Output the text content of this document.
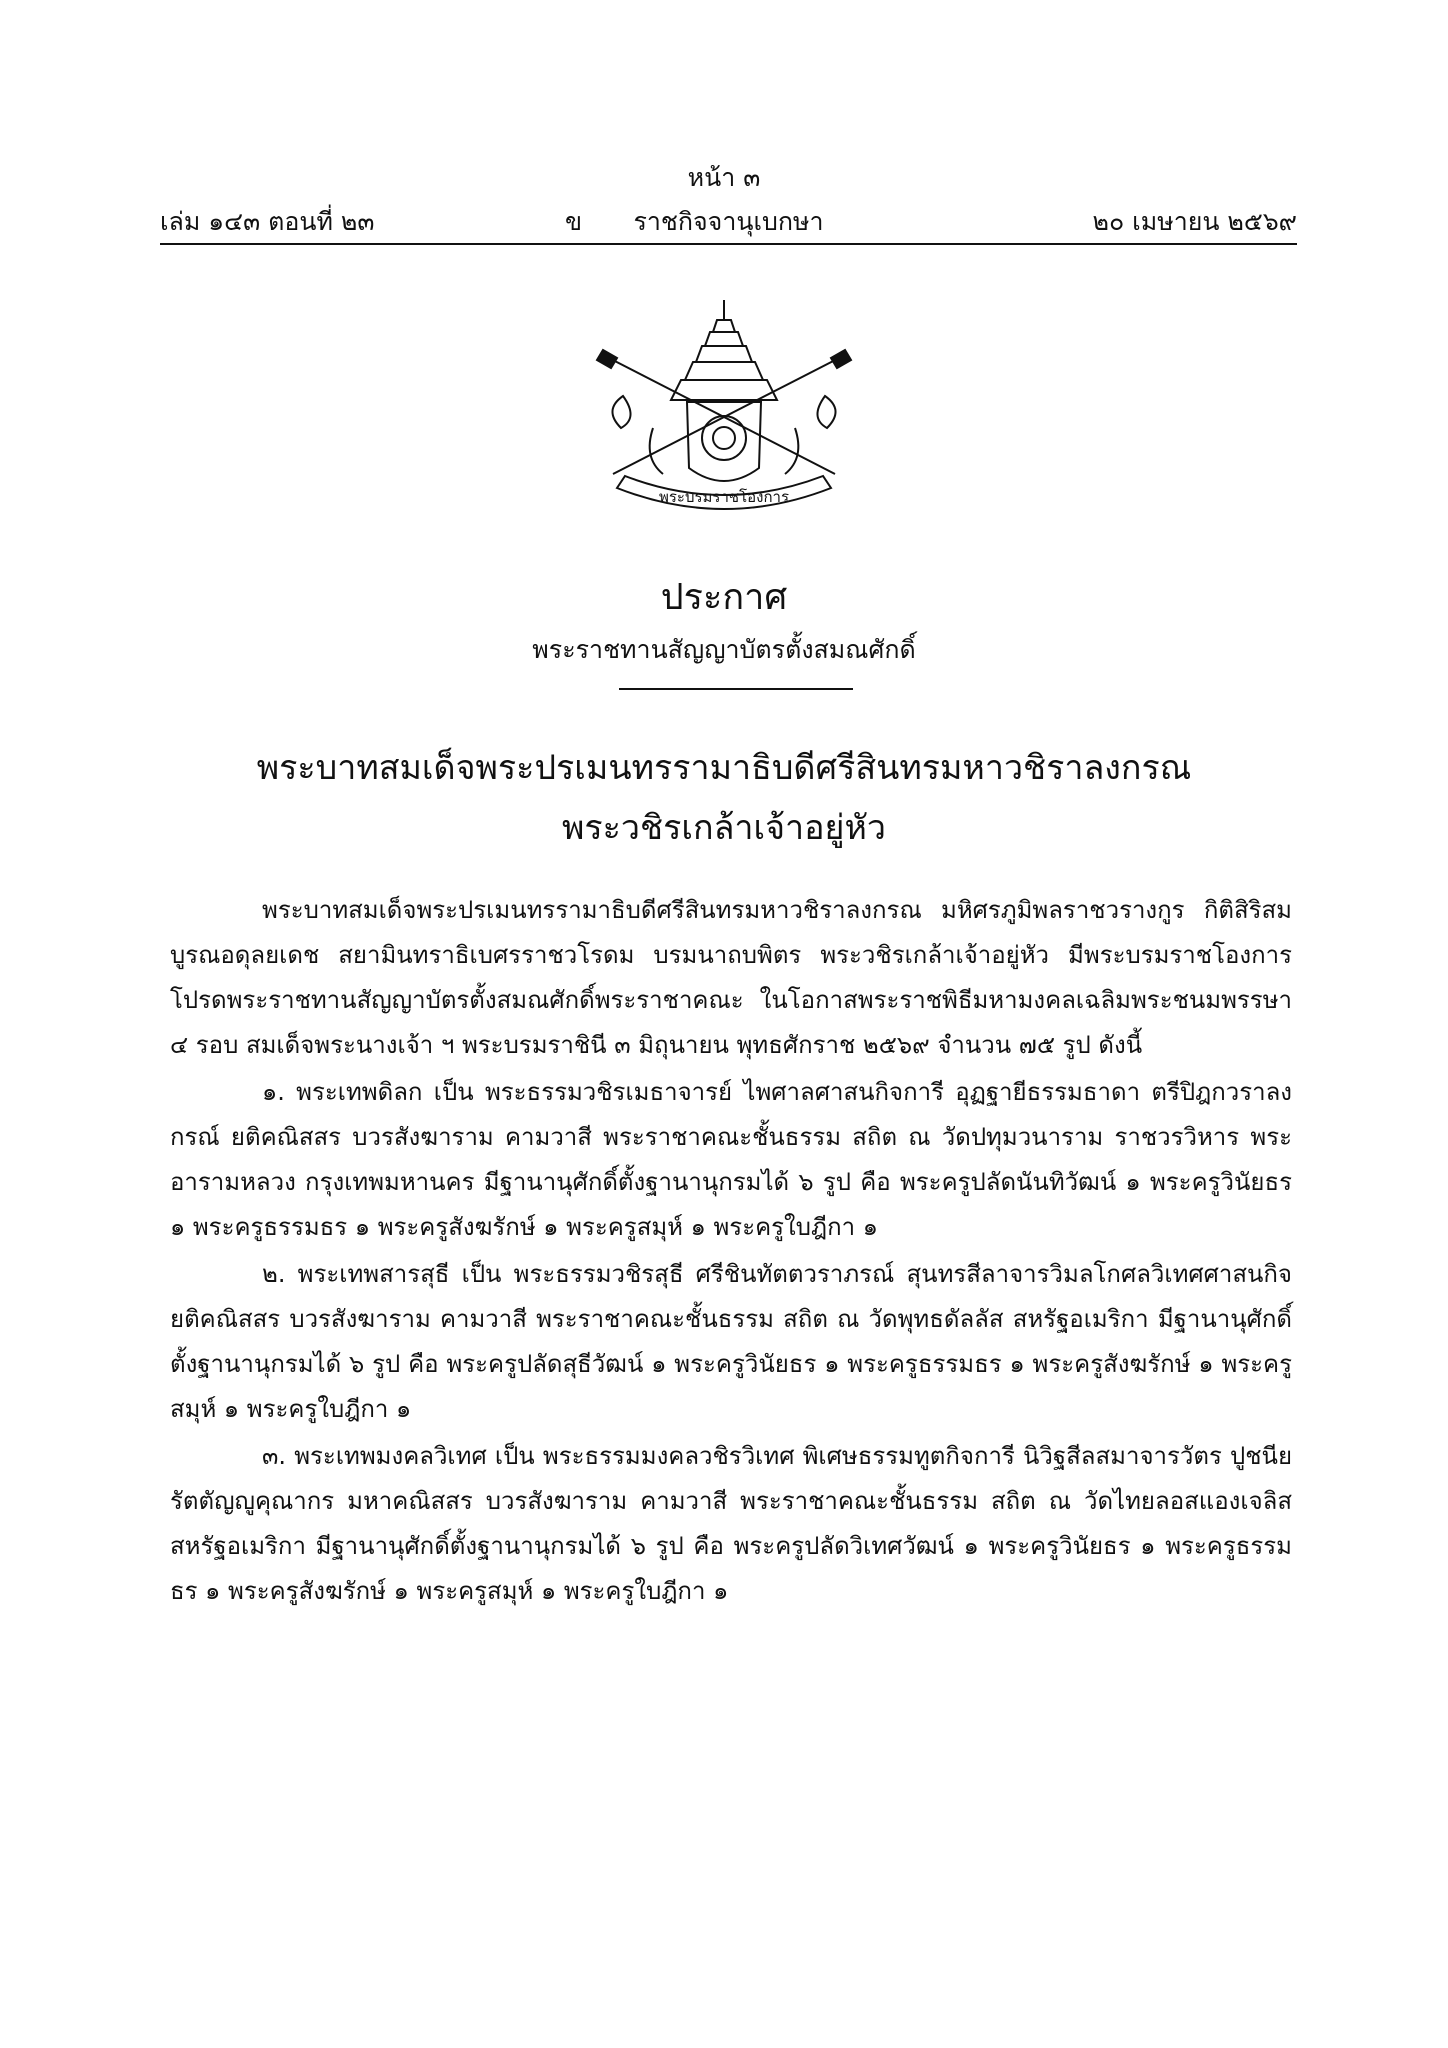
หน้า ๓
เล่ม ๑๔๓ ตอนที่ ๒๓	ข	ราชกิจจานุเบกษา	๒๐ เมษายน ๒๕๖๙
พระบรมราชโองการ
ประกาศ
พระราชทานสัญญาบัตรตั้งสมณศักดิ์
พระบาทสมเด็จพระปรเมนทรรามาธิบดีศรีสินทรมหาวชิราลงกรณ
พระวชิรเกล้าเจ้าอยู่หัว

พระบาทสมเด็จพระปรเมนทรรามาธิบดีศรีสินทรมหาวชิราลงกรณ มหิศรภูมิพลราชวรางกูร กิติสิริสมบูรณอดุลยเดช สยามินทราธิเบศรราชวโรดม บรมนาถบพิตร พระวชิรเกล้าเจ้าอยู่หัว มีพระบรมราชโองการโปรดพระราชทานสัญญาบัตรตั้งสมณศักดิ์พระราชาคณะ ในโอกาสพระราชพิธีมหามงคลเฉลิมพระชนมพรรษา ๔ รอบ สมเด็จพระนางเจ้า ฯ พระบรมราชินี ๓ มิถุนายน พุทธศักราช ๒๕๖๙ จำนวน ๗๕ รูป ดังนี้

๑. พระเทพดิลก เป็น พระธรรมวชิรเมธาจารย์ ไพศาลศาสนกิจการี อุฏฐายีธรรมธาดา ตรีปิฎกวราลงกรณ์ ยติคณิสสร บวรสังฆาราม คามวาสี พระราชาคณะชั้นธรรม สถิต ณ วัดปทุมวนาราม ราชวรวิหาร พระอารามหลวง กรุงเทพมหานคร มีฐานานุศักดิ์ตั้งฐานานุกรมได้ ๖ รูป คือ พระครูปลัดนันทิวัฒน์ ๑ พระครูวินัยธร ๑ พระครูธรรมธร ๑ พระครูสังฆรักษ์ ๑ พระครูสมุห์ ๑ พระครูใบฎีกา ๑

๒. พระเทพสารสุธี เป็น พระธรรมวชิรสุธี ศรีชินทัตตวราภรณ์ สุนทรสีลาจารวิมลโกศลวิเทศศาสนกิจ ยติคณิสสร บวรสังฆาราม คามวาสี พระราชาคณะชั้นธรรม สถิต ณ วัดพุทธดัลลัส สหรัฐอเมริกา มีฐานานุศักดิ์ตั้งฐานานุกรมได้ ๖ รูป คือ พระครูปลัดสุธีวัฒน์ ๑ พระครูวินัยธร ๑ พระครูธรรมธร ๑ พระครูสังฆรักษ์ ๑ พระครูสมุห์ ๑ พระครูใบฎีกา ๑

๓. พระเทพมงคลวิเทศ เป็น พระธรรมมงคลวชิรวิเทศ พิเศษธรรมทูตกิจการี นิวิฐสีลสมาจารวัตร ปูชนียรัตตัญญูคุณากร มหาคณิสสร บวรสังฆาราม คามวาสี พระราชาคณะชั้นธรรม สถิต ณ วัดไทยลอสแองเจลิส สหรัฐอเมริกา มีฐานานุศักดิ์ตั้งฐานานุกรมได้ ๖ รูป คือ พระครูปลัดวิเทศวัฒน์ ๑ พระครูวินัยธร ๑ พระครูธรรมธร ๑ พระครูสังฆรักษ์ ๑ พระครูสมุห์ ๑ พระครูใบฎีกา ๑
